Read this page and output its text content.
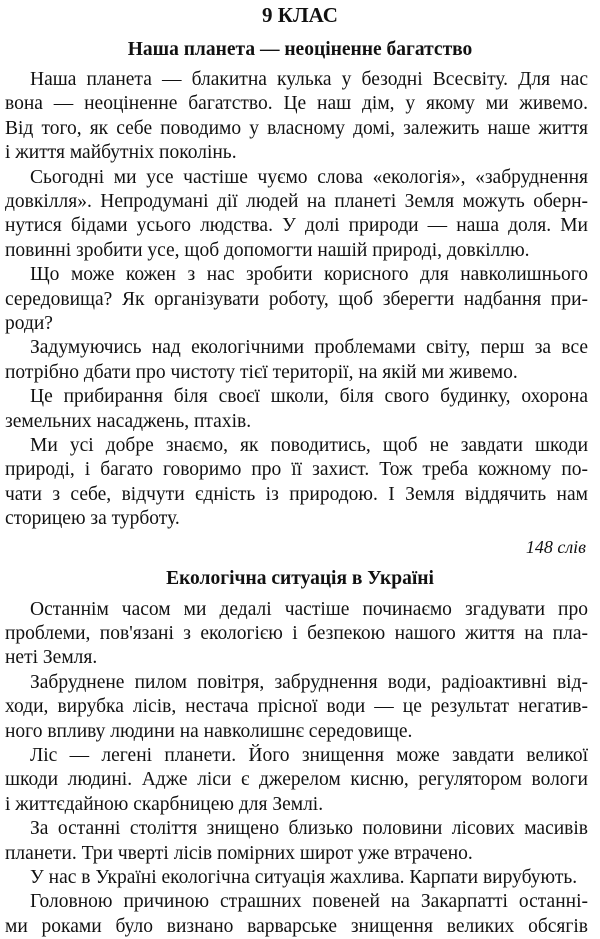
9 КЛАС
Наша планета — неоціненне багатство
Наша планета — блакитна кулька у безодні Всесвіту. Для нас
вона — неоціненне багатство. Це наш дім, у якому ми живемо.
Від того, як себе поводимо у власному домі, залежить наше життя
і життя майбутніх поколінь.
Сьогодні ми усе частіше чуємо слова «екологія», «забруднення
довкілля». Непродумані дії людей на планеті Земля можуть оберн-
нутися бідами усього людства. У долі природи — наша доля. Ми
повинні зробити усе, щоб допомогти нашій природі, довкіллю.
Що може кожен з нас зробити корисного для навколишнього
середовища? Як організувати роботу, щоб зберегти надбання при-
роди?
Задумуючись над екологічними проблемами світу, перш за все
потрібно дбати про чистоту тієї території, на якій ми живемо.
Це прибирання біля своєї школи, біля свого будинку, охорона
земельних насаджень, птахів.
Ми усі добре знаємо, як поводитись, щоб не завдати шкоди
природі, і багато говоримо про її захист. Тож треба кожному по-
чати з себе, відчути єдність із природою. І Земля віддячить нам
сторицею за турботу.
148 слів
Екологічна ситуація в Україні
Останнім часом ми дедалі частіше починаємо згадувати про
проблеми, пов'язані з екологією і безпекою нашого життя на пла-
неті Земля.
Забруднене пилом повітря, забруднення води, радіоактивні від-
ходи, вирубка лісів, нестача прісної води — це результат негатив-
ного впливу людини на навколишнє середовище.
Ліс — легені планети. Його знищення може завдати великої
шкоди людині. Адже ліси є джерелом кисню, регулятором вологи
і життєдайною скарбницею для Землі.
За останні століття знищено близько половини лісових масивів
планети. Три чверті лісів помірних широт уже втрачено.
У нас в Україні екологічна ситуація жахлива. Карпати вирубують.
Головною причиною страшних повеней на Закарпатті останні-
ми роками було визнано варварське знищення великих обсягів
